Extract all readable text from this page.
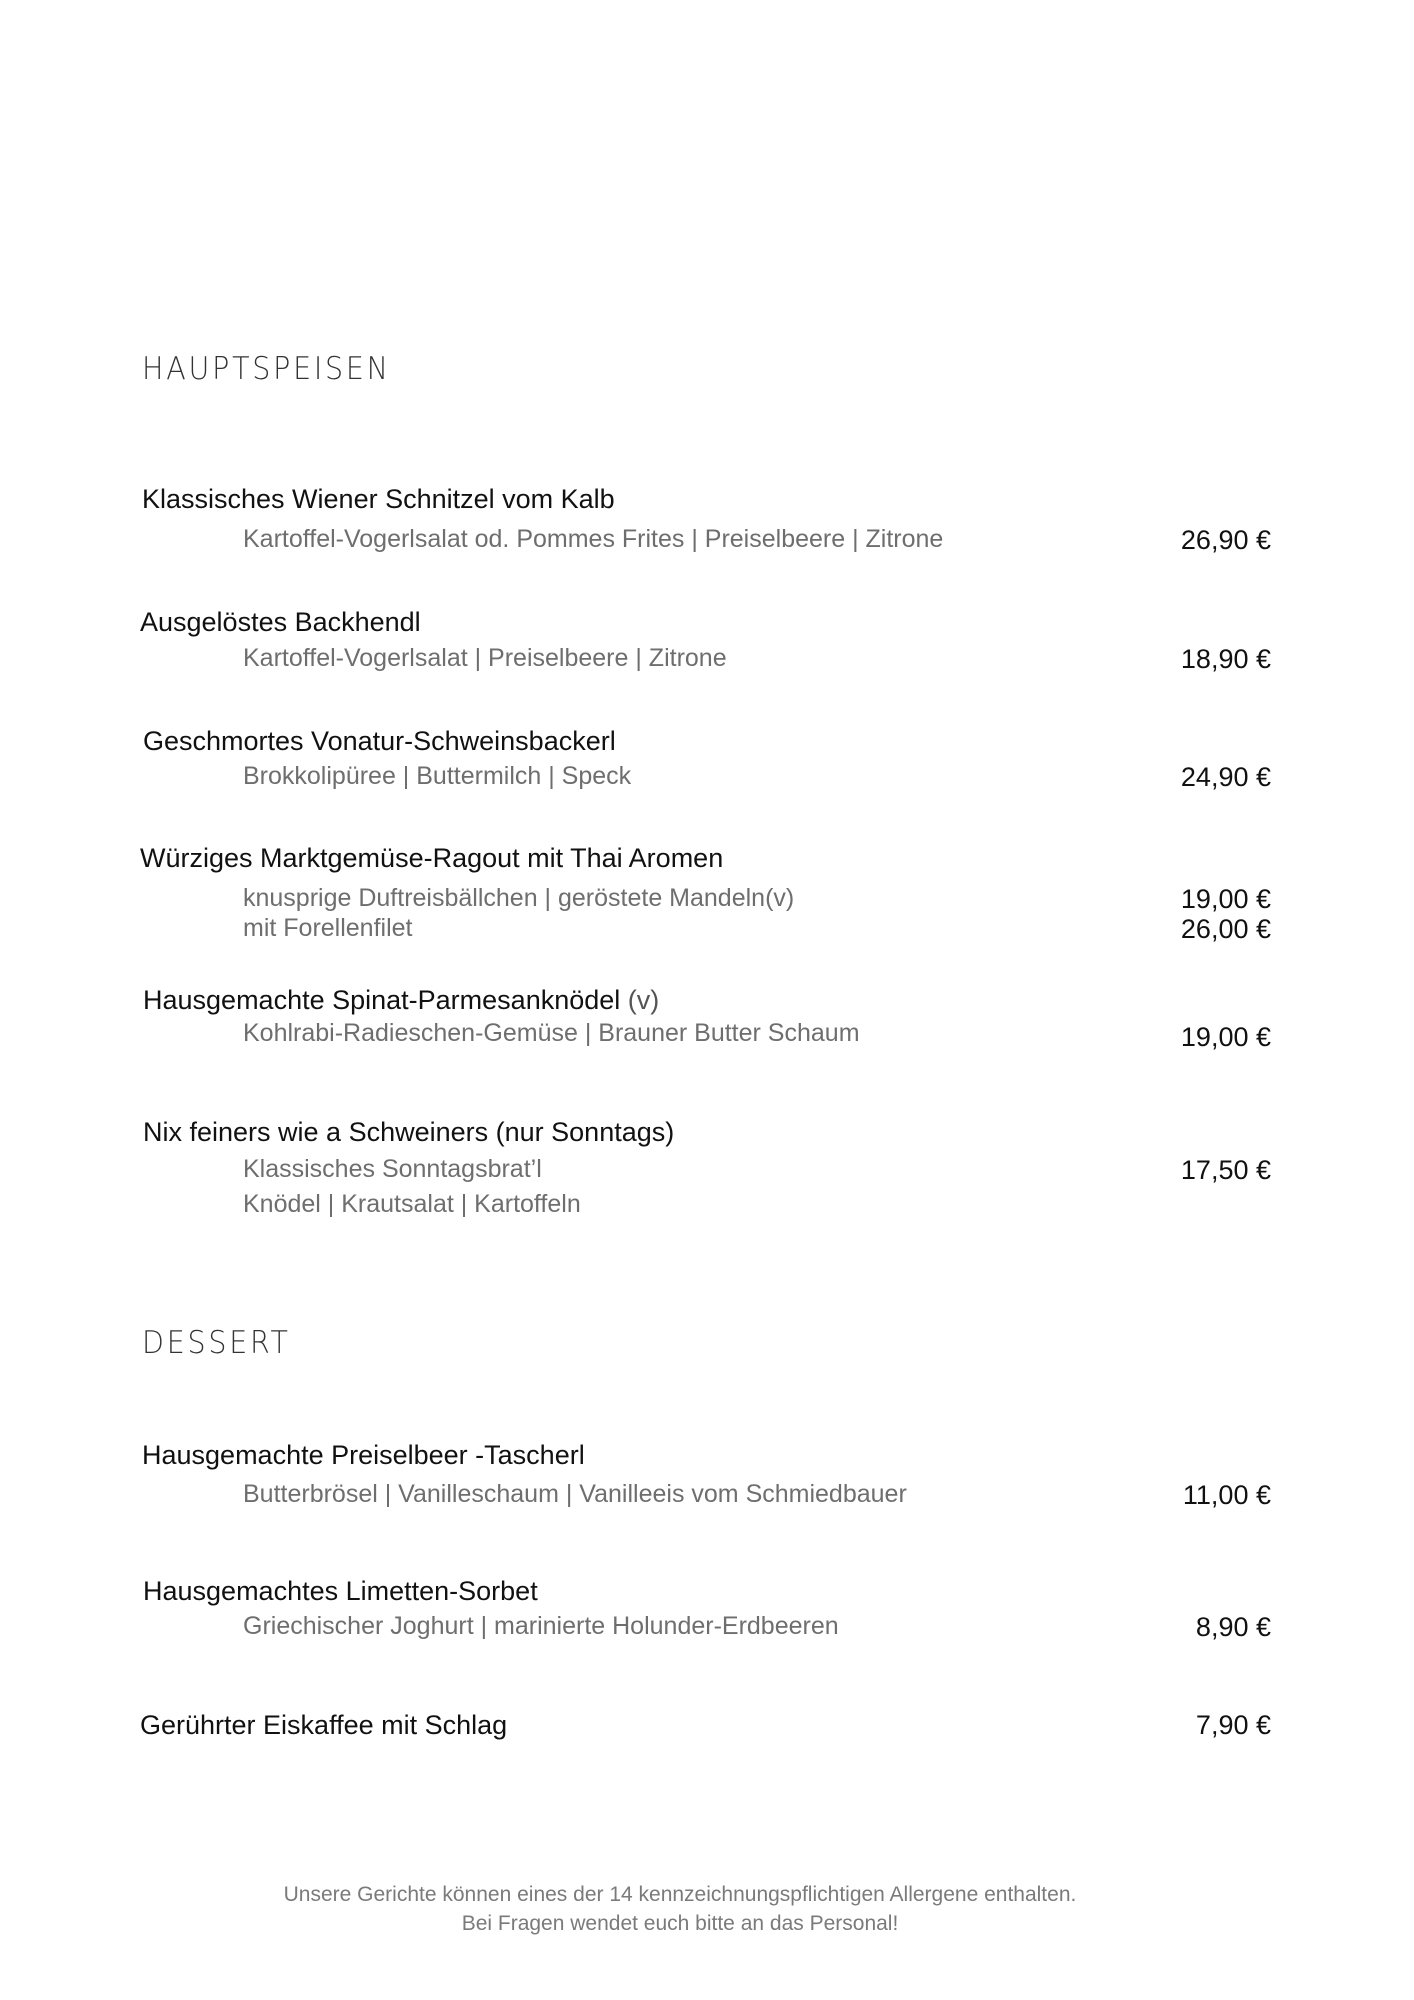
HAUPTSPEISEN
Klassisches Wiener Schnitzel vom Kalb
Kartoffel-Vogerlsalat od. Pommes Frites | Preiselbeere | Zitrone	26,90 €
Ausgelöstes Backhendl
Kartoffel-Vogerlsalat | Preiselbeere | Zitrone	18,90 €
Geschmortes Vonatur-Schweinsbackerl
Brokkolipüree | Buttermilch | Speck	24,90 €
Würziges Marktgemüse-Ragout mit Thai Aromen
knusprige Duftreisbällchen | geröstete Mandeln(v)	19,00 €
mit Forellenfilet	26,00 €
Hausgemachte Spinat-Parmesanknödel (v)
Kohlrabi-Radieschen-Gemüse | Brauner Butter Schaum	19,00 €
Nix feiners wie a Schweiners (nur Sonntags)
Klassisches Sonntagsbrat’l	17,50 €
Knödel | Krautsalat | Kartoffeln
DESSERT
Hausgemachte Preiselbeer -Tascherl
Butterbrösel | Vanilleschaum | Vanilleeis vom Schmiedbauer	11,00 €
Hausgemachtes Limetten-Sorbet
Griechischer Joghurt | marinierte Holunder-Erdbeeren	8,90 €
Gerührter Eiskaffee mit Schlag	7,90 €
Unsere Gerichte können eines der 14 kennzeichnungspflichtigen Allergene enthalten.
Bei Fragen wendet euch bitte an das Personal!
